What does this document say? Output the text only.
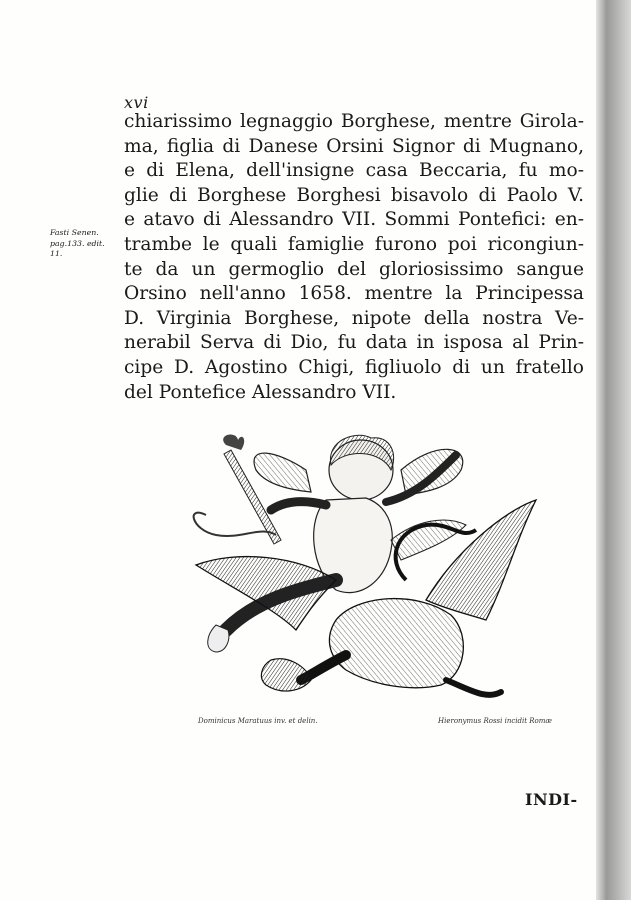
xvi
chiarissimo legnaggio Borghese, mentre Girola-
ma, figlia di Danese Orsini Signor di Mugnano,
e di Elena, dell'insigne casa Beccaria, fu mo-
glie di Borghese Borghesi bisavolo di Paolo V.
e atavo di Alessandro VII. Sommi Pontefici: en-
trambe le quali famiglie furono poi ricongiun-
te da un germoglio del gloriosissimo sangue
Orsino nell'anno 1658. mentre la Principessa
D. Virginia Borghese, nipote della nostra Ve-
nerabil Serva di Dio, fu data in isposa al Prin-
cipe D. Agostino Chigi, figliuolo di un fratello
del Pontefice Alessandro VII.
Fasti Senen.
pag.133. edit.
11.
Dominicus Maratuus inv. et delin.	Hieronymus Rossi incidit Romæ
INDI-
